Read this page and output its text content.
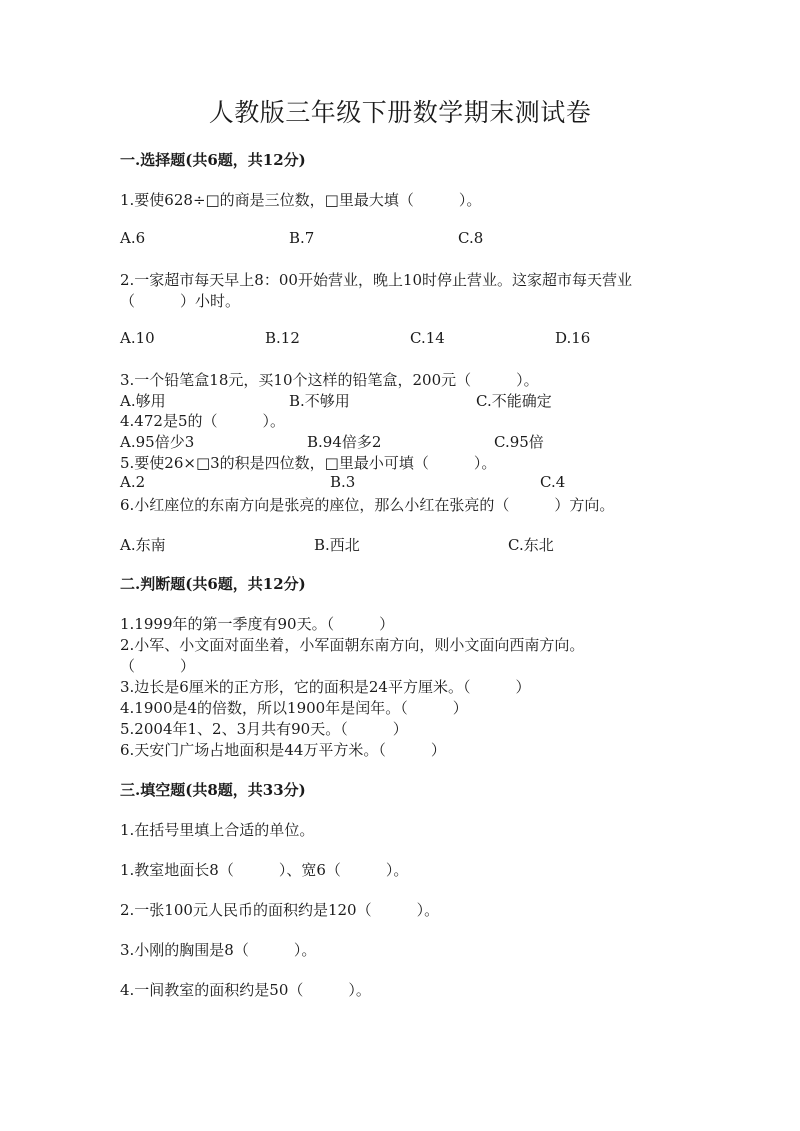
人教版三年级下册数学期末测试卷
一.选择题(共6题，共12分)
1.要使628÷□的商是三位数，□里最大填（　　　）。
A.6	B.7	C.8
2.一家超市每天早上8：00开始营业，晚上10时停止营业。这家超市每天营业
（　　　）小时。
A.10	B.12	C.14	D.16
3.一个铅笔盒18元，买10个这样的铅笔盒，200元（　　　）。
A.够用	B.不够用	C.不能确定
4.472是5的（　　　）。
A.95倍少3	B.94倍多2	C.95倍
5.要使26×□3的积是四位数，□里最小可填（　　　）。
A.2	B.3	C.4
6.小红座位的东南方向是张亮的座位，那么小红在张亮的（　　　）方向。
A.东南	B.西北	C.东北
二.判断题(共6题，共12分)
1.1999年的第一季度有90天。（　　　）
2.小军、小文面对面坐着，小军面朝东南方向，则小文面向西南方向。
（　　　）
3.边长是6厘米的正方形，它的面积是24平方厘米。（　　　）
4.1900是4的倍数，所以1900年是闰年。（　　　）
5.2004年1、2、3月共有90天。（　　　）
6.天安门广场占地面积是44万平方米。（　　　）
三.填空题(共8题，共33分)
1.在括号里填上合适的单位。
1.教室地面长8（　　　）、宽6（　　　）。
2.一张100元人民币的面积约是120（　　　）。
3.小刚的胸围是8（　　　）。
4.一间教室的面积约是50（　　　）。
